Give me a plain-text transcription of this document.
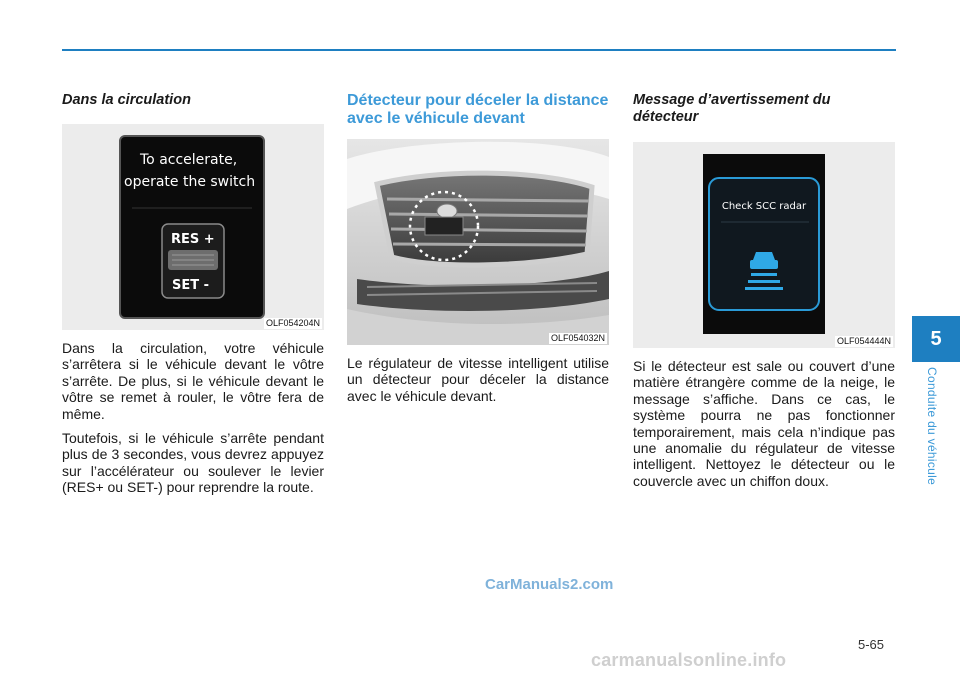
Dans la circulation
To accelerate,
operate the switch
RES +
SET -
OLF054204N

Dans la circulation, votre véhicule s’arrêtera si le véhicule devant le vôtre s’arrête. De plus, si le véhicule devant le vôtre se remet à rouler, le vôtre fera de même.

Toutefois, si le véhicule s’arrête pendant plus de 3 secondes, vous devrez appuyez sur l’accélérateur ou soulever le levier (RES+ ou SET-) pour reprendre la route.

Détecteur pour déceler la distance avec le véhicule devant
OLF054032N

Le régulateur de vitesse intelligent utilise un détecteur pour déceler la distance avec le véhicule devant.

Message d’avertissement du détecteur
Check SCC radar
OLF054444N

Si le détecteur est sale ou couvert d’une matière étrangère comme de la neige, le message s’affiche. Dans ce cas, le système pourra ne pas fonctionner temporairement, mais cela n’indique pas une anomalie du régulateur de vitesse intelligent. Nettoyez le détecteur ou le couvercle avec un chiffon doux.

5
Conduite du véhicule
CarManuals2.com
5-65
carmanualsonline.info
